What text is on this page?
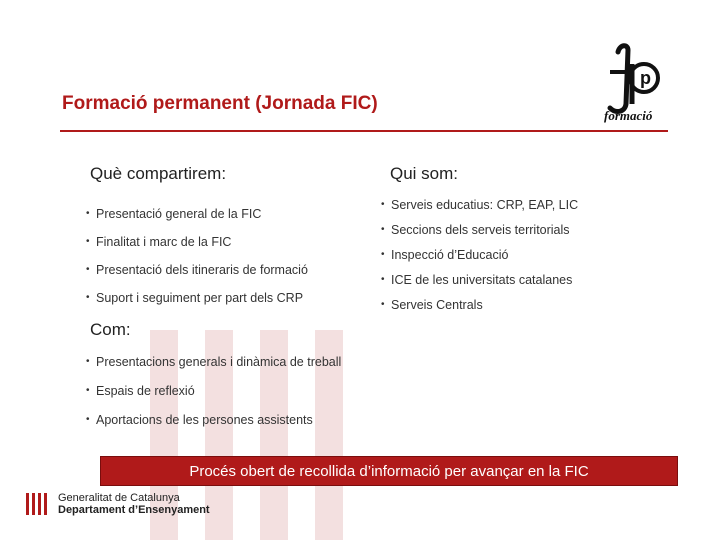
Formació permanent (Jornada FIC)
p
formació
Què compartirem:
• Presentació general de la FIC
• Finalitat i marc de la FIC
• Presentació dels itineraris de formació
• Suport i seguiment per part dels CRP
Qui som:
• Serveis educatius: CRP, EAP, LIC
• Seccions dels serveis territorials
• Inspecció d’Educació
• ICE de les universitats catalanes
• Serveis Centrals
Com:
• Presentacions generals i dinàmica de treball
• Espais de reflexió
• Aportacions de les persones assistents
Procés obert de recollida d’informació per avançar en la FIC
Generalitat de Catalunya
Departament d’Ensenyament
